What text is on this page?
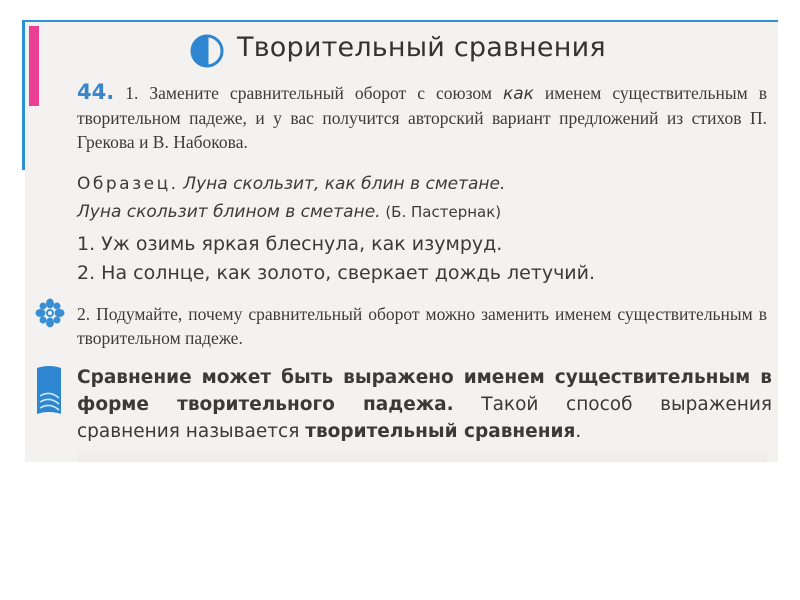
Творительный сравнения
44. 1. Замените сравнительный оборот с союзом как именем существительным в творительном падеже, и у вас получится авторский вариант предложений из стихов П. Грекова и В. Набокова.
Образец. Луна скользит, как блин в сметане.
Луна скользит блином в сметане. (Б. Пастернак)
1. Уж озимь яркая блеснула, как изумруд.
2. На солнце, как золото, сверкает дождь летучий.
2. Подумайте, почему сравнительный оборот можно заменить именем существительным в творительном падеже.
Сравнение может быть выражено именем существительным в форме творительного падежа. Такой способ выражения сравнения называется творительный сравнения.
